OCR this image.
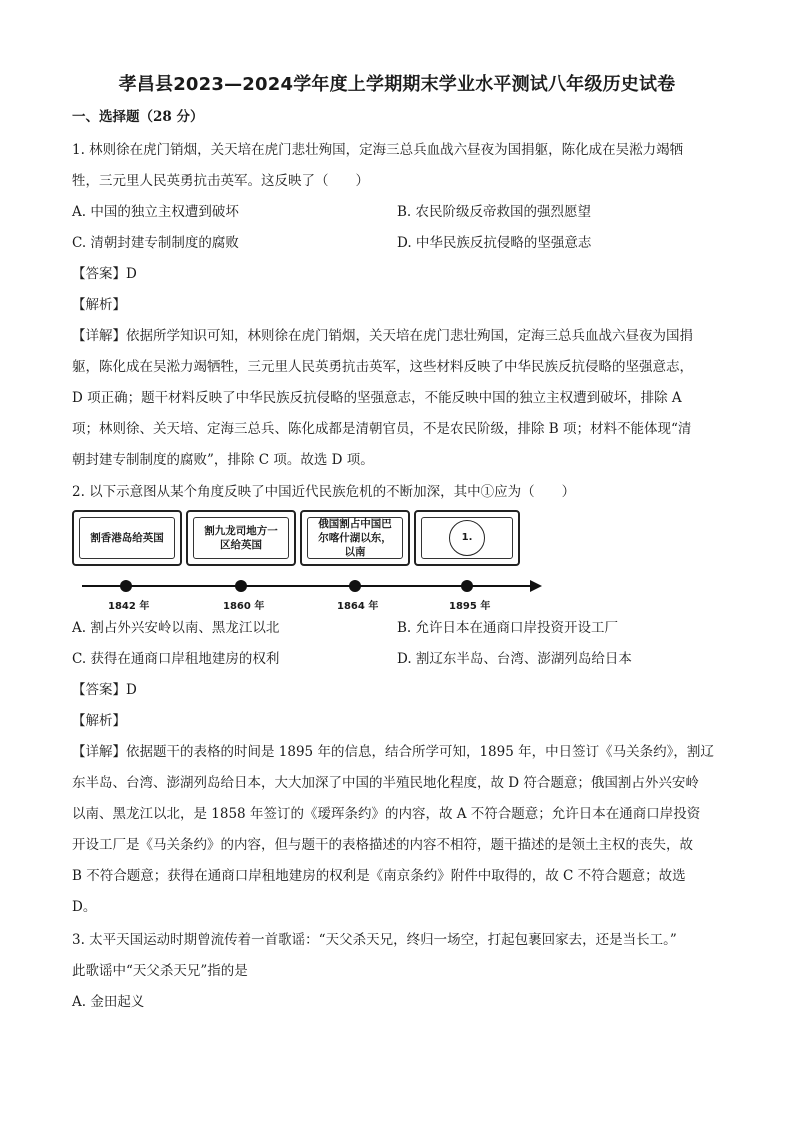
孝昌县2023—2024学年度上学期期末学业水平测试八年级历史试卷
一、选择题（28 分）
1. 林则徐在虎门销烟，关天培在虎门悲壮殉国，定海三总兵血战六昼夜为国捐躯，陈化成在吴淞力竭牺
牲，三元里人民英勇抗击英军。这反映了（　　）
A. 中国的独立主权遭到破坏	B. 农民阶级反帝救国的强烈愿望
C. 清朝封建专制制度的腐败	D. 中华民族反抗侵略的坚强意志
【答案】D
【解析】
【详解】依据所学知识可知，林则徐在虎门销烟，关天培在虎门悲壮殉国，定海三总兵血战六昼夜为国捐
躯，陈化成在吴淞力竭牺牲，三元里人民英勇抗击英军，这些材料反映了中华民族反抗侵略的坚强意志，
D 项正确；题干材料反映了中华民族反抗侵略的坚强意志，不能反映中国的独立主权遭到破坏，排除 A
项；林则徐、关天培、定海三总兵、陈化成都是清朝官员，不是农民阶级，排除 B 项；材料不能体现“清
朝封建专制制度的腐败”，排除 C 项。故选 D 项。
2. 以下示意图从某个角度反映了中国近代民族危机的不断加深，其中①应为（　　）
割香港岛给英国
割九龙司地方一
区给英国
俄国割占中国巴
尔喀什湖以东，
以南
1.
1842 年	1860 年	1864 年	1895 年
A. 割占外兴安岭以南、黑龙江以北	B. 允许日本在通商口岸投资开设工厂
C. 获得在通商口岸租地建房的权利	D. 割辽东半岛、台湾、澎湖列岛给日本
【答案】D
【解析】
【详解】依据题干的表格的时间是 1895 年的信息，结合所学可知，1895 年，中日签订《马关条约》，割辽
东半岛、台湾、澎湖列岛给日本，大大加深了中国的半殖民地化程度，故 D 符合题意；俄国割占外兴安岭
以南、黑龙江以北，是 1858 年签订的《瑷珲条约》的内容，故 A 不符合题意；允许日本在通商口岸投资
开设工厂是《马关条约》的内容，但与题干的表格描述的内容不相符，题干描述的是领土主权的丧失，故
B 不符合题意；获得在通商口岸租地建房的权利是《南京条约》附件中取得的，故 C 不符合题意；故选
D。
3. 太平天国运动时期曾流传着一首歌谣：“天父杀天兄，终归一场空，打起包裹回家去，还是当长工。”
此歌谣中“天父杀天兄”指的是
A. 金田起义
